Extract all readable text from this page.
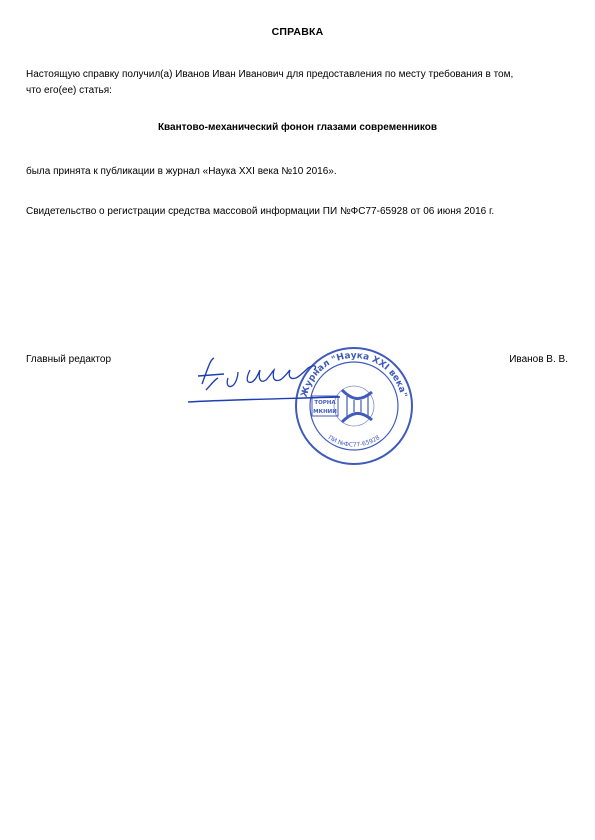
СПРАВКА
Настоящую справку получил(а) Иванов Иван Иванович для предоставления по месту требования в том,
что его(ее) статья:
Квантово-механический фонон глазами современников
была принята к публикации в журнал «Наука XXI века №10 2016».
Свидетельство о регистрации средства массовой информации ПИ №ФС77-65928 от 06 июня 2016 г.
Главный редактор
Журнал "Наука XXI века"
ПИ №ФС77-65928
ТОРНА
МКНИИ
Иванов В. В.
